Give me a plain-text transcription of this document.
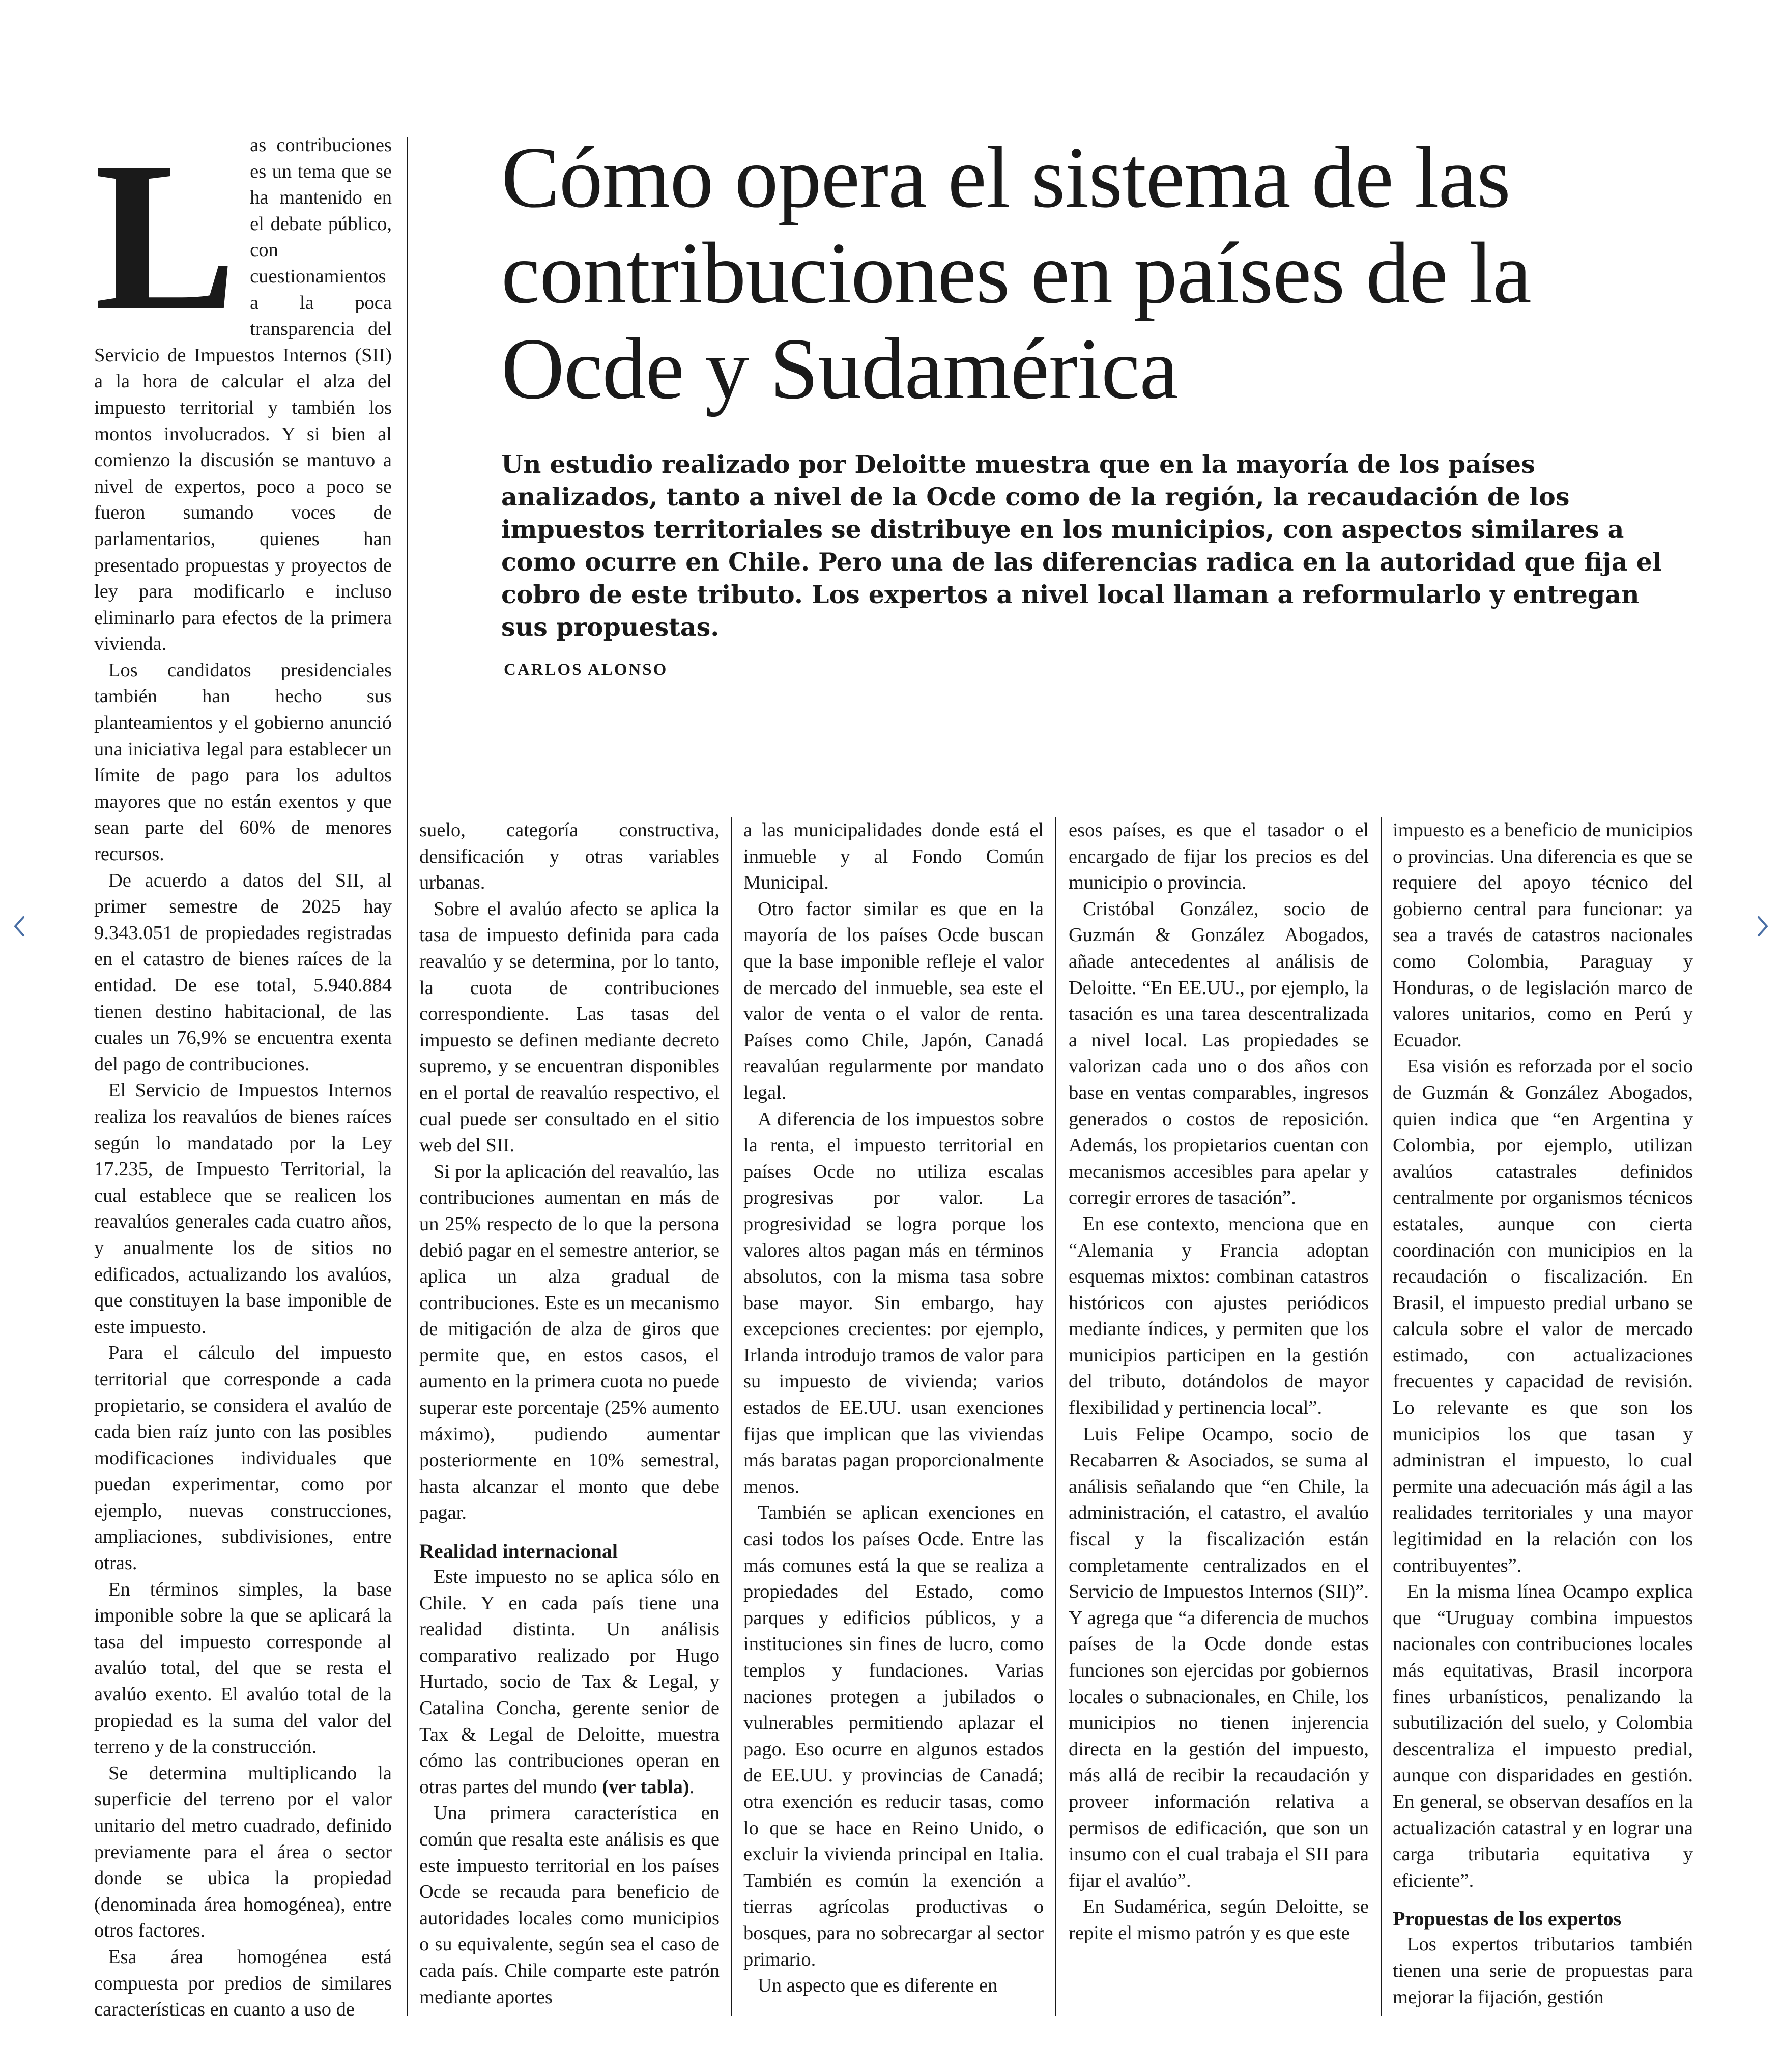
Cómo opera el sistema de las contribuciones en países de la Ocde y Sudamérica

Un estudio realizado por Deloitte muestra que en la mayoría de los países analizados, tanto a nivel de la Ocde como de la región, la recaudación de los impuestos territoriales se distribuye en los municipios, con aspectos similares a como ocurre en Chile. Pero una de las diferencias radica en la autoridad que fija el cobro de este tributo. Los expertos a nivel local llaman a reformularlo y entregan sus propuestas.

CARLOS ALONSO
L as contribuciones es un tema que se ha mantenido en el debate público, con cuestionamientos a la poca transparencia del Servicio de Impuestos Internos (SII) a la hora de calcular el alza del impuesto territorial y también los montos involucrados. Y si bien al comienzo la discusión se mantuvo a nivel de expertos, poco a poco se fueron sumando voces de parlamentarios, quienes han presentado propuestas y proyectos de ley para modificarlo e incluso eliminarlo para efectos de la primera vivienda.

Los candidatos presidenciales también han hecho sus planteamientos y el gobierno anunció una iniciativa legal para establecer un límite de pago para los adultos mayores que no están exentos y que sean parte del 60% de menores recursos.

De acuerdo a datos del SII, al primer semestre de 2025 hay 9.343.051 de propiedades registradas en el catastro de bienes raíces de la entidad. De ese total, 5.940.884 tienen destino habitacional, de las cuales un 76,9% se encuentra exenta del pago de contribuciones.

El Servicio de Impuestos Internos realiza los reavalúos de bienes raíces según lo mandatado por la Ley 17.235, de Impuesto Territorial, la cual establece que se realicen los reavalúos generales cada cuatro años, y anualmente los de sitios no edificados, actualizando los avalúos, que constituyen la base imponible de este impuesto.

Para el cálculo del impuesto territorial que corresponde a cada propietario, se considera el avalúo de cada bien raíz junto con las posibles modificaciones individuales que puedan experimentar, como por ejemplo, nuevas construcciones, ampliaciones, subdivisiones, entre otras.

En términos simples, la base imponible sobre la que se aplicará la tasa del impuesto corresponde al avalúo total, del que se resta el avalúo exento. El avalúo total de la propiedad es la suma del valor del terreno y de la construcción.

Se determina multiplicando la superficie del terreno por el valor unitario del metro cuadrado, definido previamente para el área o sector donde se ubica la propiedad (denominada área homogénea), entre otros factores.

Esa área homogénea está compuesta por predios de similares características en cuanto a uso de

suelo, categoría constructiva, densificación y otras variables urbanas.

Sobre el avalúo afecto se aplica la tasa de impuesto definida para cada reavalúo y se determina, por lo tanto, la cuota de contribuciones correspondiente. Las tasas del impuesto se definen mediante decreto supremo, y se encuentran disponibles en el portal de reavalúo respectivo, el cual puede ser consultado en el sitio web del SII.

Si por la aplicación del reavalúo, las contribuciones aumentan en más de un 25% respecto de lo que la persona debió pagar en el semestre anterior, se aplica un alza gradual de contribuciones. Este es un mecanismo de mitigación de alza de giros que permite que, en estos casos, el aumento en la primera cuota no puede superar este porcentaje (25% aumento máximo), pudiendo aumentar posteriormente en 10% semestral, hasta alcanzar el monto que debe pagar.

Realidad internacional

Este impuesto no se aplica sólo en Chile. Y en cada país tiene una realidad distinta. Un análisis comparativo realizado por Hugo Hurtado, socio de Tax & Legal, y Catalina Concha, gerente senior de Tax & Legal de Deloitte, muestra cómo las contribuciones operan en otras partes del mundo (ver tabla).

Una primera característica en común que resalta este análisis es que este impuesto territorial en los países Ocde se recauda para beneficio de autoridades locales como municipios o su equivalente, según sea el caso de cada país. Chile comparte este patrón mediante aportes

a las municipalidades donde está el inmueble y al Fondo Común Municipal.

Otro factor similar es que en la mayoría de los países Ocde buscan que la base imponible refleje el valor de mercado del inmueble, sea este el valor de venta o el valor de renta. Países como Chile, Japón, Canadá reavalúan regularmente por mandato legal.

A diferencia de los impuestos sobre la renta, el impuesto territorial en países Ocde no utiliza escalas progresivas por valor. La progresividad se logra porque los valores altos pagan más en términos absolutos, con la misma tasa sobre base mayor. Sin embargo, hay excepciones crecientes: por ejemplo, Irlanda introdujo tramos de valor para su impuesto de vivienda; varios estados de EE.UU. usan exenciones fijas que implican que las viviendas más baratas pagan proporcionalmente menos.

También se aplican exenciones en casi todos los países Ocde. Entre las más comunes está la que se realiza a propiedades del Estado, como parques y edificios públicos, y a instituciones sin fines de lucro, como templos y fundaciones. Varias naciones protegen a jubilados o vulnerables permitiendo aplazar el pago. Eso ocurre en algunos estados de EE.UU. y provincias de Canadá; otra exención es reducir tasas, como lo que se hace en Reino Unido, o excluir la vivienda principal en Italia. También es común la exención a tierras agrícolas productivas o bosques, para no sobrecargar al sector primario.

Un aspecto que es diferente en

esos países, es que el tasador o el encargado de fijar los precios es del municipio o provincia.

Cristóbal González, socio de Guzmán & González Abogados, añade antecedentes al análisis de Deloitte. “En EE.UU., por ejemplo, la tasación es una tarea descentralizada a nivel local. Las propiedades se valorizan cada uno o dos años con base en ventas comparables, ingresos generados o costos de reposición. Además, los propietarios cuentan con mecanismos accesibles para apelar y corregir errores de tasación”.

En ese contexto, menciona que en “Alemania y Francia adoptan esquemas mixtos: combinan catastros históricos con ajustes periódicos mediante índices, y permiten que los municipios participen en la gestión del tributo, dotándolos de mayor flexibilidad y pertinencia local”.

Luis Felipe Ocampo, socio de Recabarren & Asociados, se suma al análisis señalando que “en Chile, la administración, el catastro, el avalúo fiscal y la fiscalización están completamente centralizados en el Servicio de Impuestos Internos (SII)”. Y agrega que “a diferencia de muchos países de la Ocde donde estas funciones son ejercidas por gobiernos locales o subnacionales, en Chile, los municipios no tienen injerencia directa en la gestión del impuesto, más allá de recibir la recaudación y proveer información relativa a permisos de edificación, que son un insumo con el cual trabaja el SII para fijar el avalúo”.

En Sudamérica, según Deloitte, se repite el mismo patrón y es que este

impuesto es a beneficio de municipios o provincias. Una diferencia es que se requiere del apoyo técnico del gobierno central para funcionar: ya sea a través de catastros nacionales como Colombia, Paraguay y Honduras, o de legislación marco de valores unitarios, como en Perú y Ecuador.

Esa visión es reforzada por el socio de Guzmán & González Abogados, quien indica que “en Argentina y Colombia, por ejemplo, utilizan avalúos catastrales definidos centralmente por organismos técnicos estatales, aunque con cierta coordinación con municipios en la recaudación o fiscalización. En Brasil, el impuesto predial urbano se calcula sobre el valor de mercado estimado, con actualizaciones frecuentes y capacidad de revisión. Lo relevante es que son los municipios los que tasan y administran el impuesto, lo cual permite una adecuación más ágil a las realidades territoriales y una mayor legitimidad en la relación con los contribuyentes”.

En la misma línea Ocampo explica que “Uruguay combina impuestos nacionales con contribuciones locales más equitativas, Brasil incorpora fines urbanísticos, penalizando la subutilización del suelo, y Colombia descentraliza el impuesto predial, aunque con disparidades en gestión. En general, se observan desafíos en la actualización catastral y en lograr una carga tributaria equitativa y eficiente”.

Propuestas de los expertos

Los expertos tributarios también tienen una serie de propuestas para mejorar la fijación, gestión
